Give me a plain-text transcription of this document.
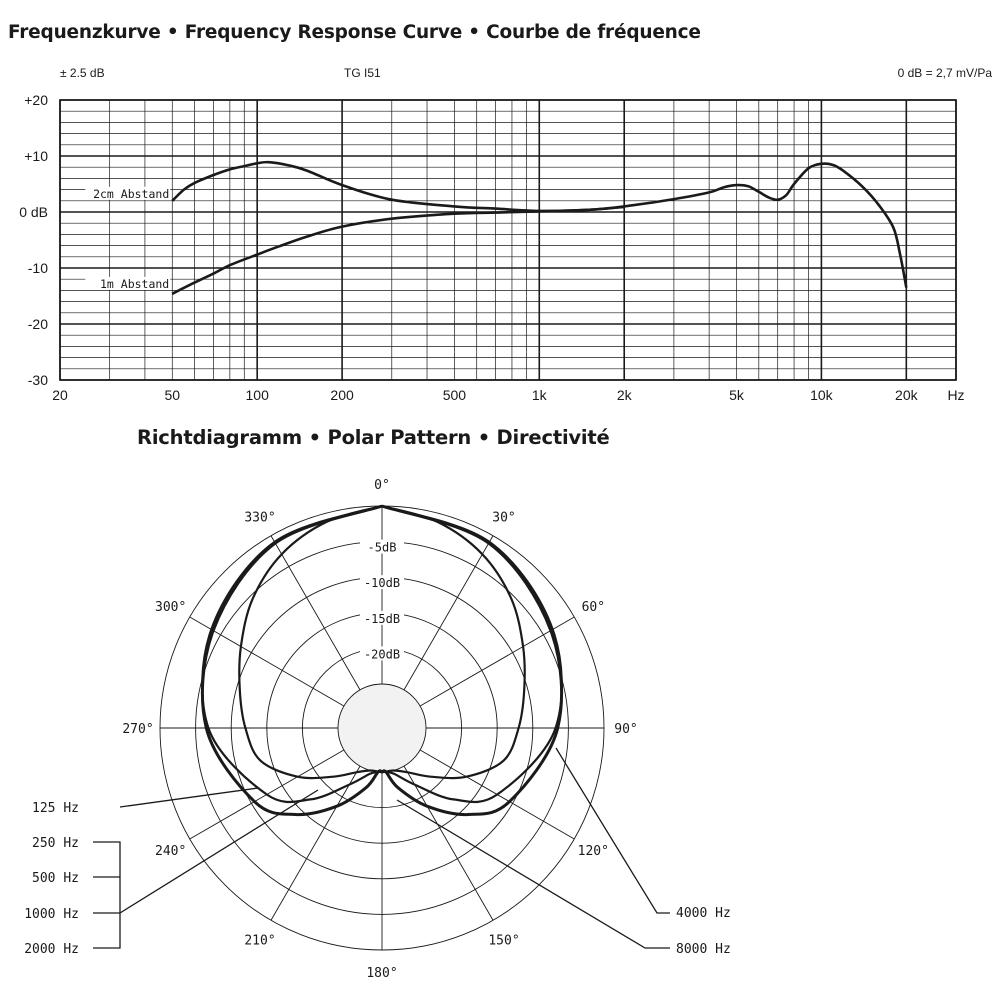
Frequenzkurve • Frequency Response Curve • Courbe de fréquence
± 2.5 dB	TG I51	0 dB = 2,7 mV/Pa
Richtdiagramm • Polar Pattern • Directivité
20	50	100	200	500	1k	2k	5k	10k	20k Hz
+20
+10
0 dB
-10
-20
-30
2cm Abstand
1m Abstand
-5dB
-10dB
-15dB
-20dB
0°
30°
60°
90°
120°
150°
180°
210°
240°
270°
300°
330°
125 Hz
250 Hz
500 Hz
1000 Hz
2000 Hz
4000 Hz
8000 Hz
